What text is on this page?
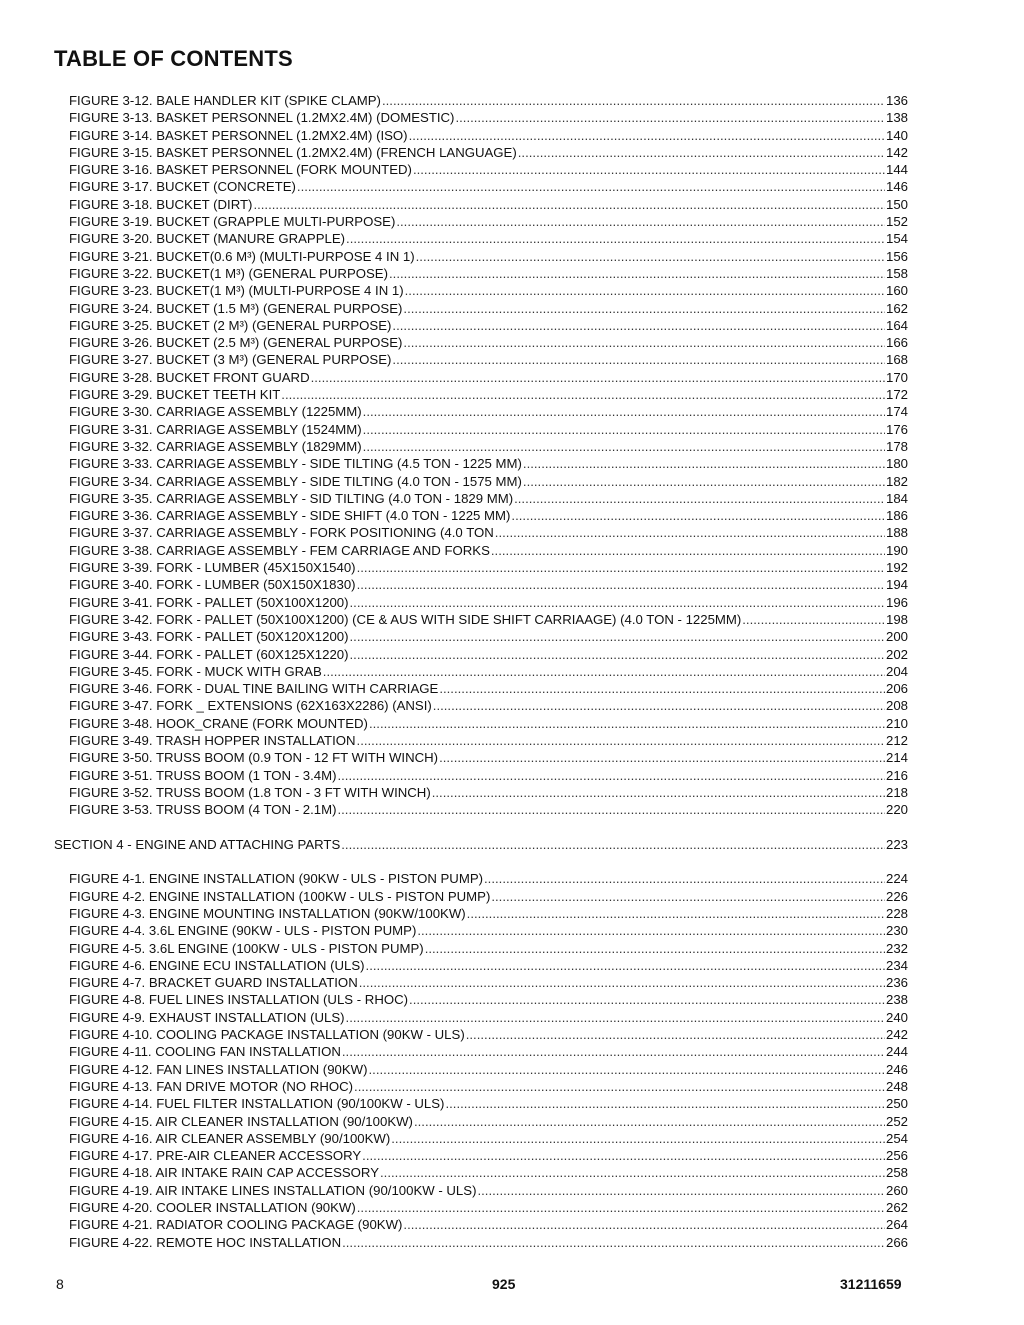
TABLE OF CONTENTS
FIGURE 3-12. BALE HANDLER KIT (SPIKE CLAMP) .....	136
FIGURE 3-13. BASKET PERSONNEL (1.2MX2.4M) (DOMESTIC) .....	138
FIGURE 3-14. BASKET PERSONNEL (1.2MX2.4M) (ISO) .....	140
FIGURE 3-15. BASKET PERSONNEL (1.2MX2.4M) (FRENCH LANGUAGE) .....	142
FIGURE 3-16. BASKET PERSONNEL (FORK MOUNTED) .....	144
FIGURE 3-17. BUCKET (CONCRETE) .....	146
FIGURE 3-18. BUCKET (DIRT) .....	150
FIGURE 3-19. BUCKET (GRAPPLE MULTI-PURPOSE) .....	152
FIGURE 3-20. BUCKET (MANURE GRAPPLE) .....	154
FIGURE 3-21. BUCKET(0.6 M³) (MULTI-PURPOSE 4 IN 1) .....	156
FIGURE 3-22. BUCKET(1 M³) (GENERAL PURPOSE) .....	158
FIGURE 3-23. BUCKET(1 M³) (MULTI-PURPOSE 4 IN 1) .....	160
FIGURE 3-24. BUCKET (1.5 M³) (GENERAL PURPOSE) .....	162
FIGURE 3-25. BUCKET (2 M³) (GENERAL PURPOSE) .....	164
FIGURE 3-26. BUCKET (2.5 M³) (GENERAL PURPOSE) .....	166
FIGURE 3-27. BUCKET (3 M³) (GENERAL PURPOSE) .....	168
FIGURE 3-28. BUCKET FRONT GUARD .....	170
FIGURE 3-29. BUCKET TEETH KIT .....	172
FIGURE 3-30. CARRIAGE ASSEMBLY (1225MM) .....	174
FIGURE 3-31. CARRIAGE ASSEMBLY (1524MM) .....	176
FIGURE 3-32. CARRIAGE ASSEMBLY (1829MM) .....	178
FIGURE 3-33. CARRIAGE ASSEMBLY - SIDE TILTING (4.5 TON - 1225 MM) .....	180
FIGURE 3-34. CARRIAGE ASSEMBLY - SIDE TILTING (4.0 TON - 1575 MM) .....	182
FIGURE 3-35. CARRIAGE ASSEMBLY - SID TILTING (4.0 TON - 1829 MM) .....	184
FIGURE 3-36. CARRIAGE ASSEMBLY - SIDE SHIFT (4.0 TON - 1225 MM) .....	186
FIGURE 3-37. CARRIAGE ASSEMBLY - FORK POSITIONING (4.0 TON .....	188
FIGURE 3-38. CARRIAGE ASSEMBLY - FEM CARRIAGE AND FORKS .....	190
FIGURE 3-39. FORK - LUMBER (45X150X1540) .....	192
FIGURE 3-40. FORK - LUMBER (50X150X1830) .....	194
FIGURE 3-41. FORK - PALLET (50X100X1200) .....	196
FIGURE 3-42. FORK - PALLET (50X100X1200) (CE & AUS WITH SIDE SHIFT CARRIAAGE) (4.0 TON - 1225MM) .....	198
FIGURE 3-43. FORK - PALLET (50X120X1200) .....	200
FIGURE 3-44. FORK - PALLET (60X125X1220) .....	202
FIGURE 3-45. FORK - MUCK WITH GRAB .....	204
FIGURE 3-46. FORK - DUAL TINE BAILING WITH CARRIAGE .....	206
FIGURE 3-47. FORK _ EXTENSIONS (62X163X2286) (ANSI) .....	208
FIGURE 3-48. HOOK_CRANE (FORK MOUNTED) .....	210
FIGURE 3-49. TRASH HOPPER INSTALLATION .....	212
FIGURE 3-50. TRUSS BOOM (0.9 TON - 12 FT WITH WINCH) .....	214
FIGURE 3-51. TRUSS BOOM (1 TON - 3.4M) .....	216
FIGURE 3-52. TRUSS BOOM (1.8 TON - 3 FT WITH WINCH) .....	218
FIGURE 3-53. TRUSS BOOM (4 TON - 2.1M) .....	220
SECTION 4 - ENGINE AND ATTACHING PARTS .....	223
FIGURE 4-1. ENGINE INSTALLATION (90KW - ULS - PISTON PUMP) .....	224
FIGURE 4-2. ENGINE INSTALLATION (100KW - ULS - PISTON PUMP) .....	226
FIGURE 4-3. ENGINE MOUNTING INSTALLATION (90KW/100KW) .....	228
FIGURE 4-4. 3.6L ENGINE (90KW - ULS - PISTON PUMP) .....	230
FIGURE 4-5. 3.6L ENGINE (100KW - ULS - PISTON PUMP) .....	232
FIGURE 4-6. ENGINE ECU INSTALLATION (ULS) .....	234
FIGURE 4-7. BRACKET GUARD INSTALLATION .....	236
FIGURE 4-8. FUEL LINES INSTALLATION (ULS - RHOC) .....	238
FIGURE 4-9. EXHAUST INSTALLATION (ULS) .....	240
FIGURE 4-10. COOLING PACKAGE INSTALLATION (90KW - ULS) .....	242
FIGURE 4-11. COOLING FAN INSTALLATION .....	244
FIGURE 4-12. FAN LINES INSTALLATION (90KW) .....	246
FIGURE 4-13. FAN DRIVE MOTOR (NO RHOC) .....	248
FIGURE 4-14. FUEL FILTER INSTALLATION (90/100KW - ULS) .....	250
FIGURE 4-15. AIR CLEANER INSTALLATION (90/100KW) .....	252
FIGURE 4-16. AIR CLEANER ASSEMBLY (90/100KW) .....	254
FIGURE 4-17. PRE-AIR CLEANER ACCESSORY .....	256
FIGURE 4-18. AIR INTAKE RAIN CAP ACCESSORY .....	258
FIGURE 4-19. AIR INTAKE LINES INSTALLATION (90/100KW - ULS) .....	260
FIGURE 4-20. COOLER INSTALLATION (90KW) .....	262
FIGURE 4-21. RADIATOR COOLING PACKAGE (90KW) .....	264
FIGURE 4-22. REMOTE HOC INSTALLATION .....	266
8	925	31211659
